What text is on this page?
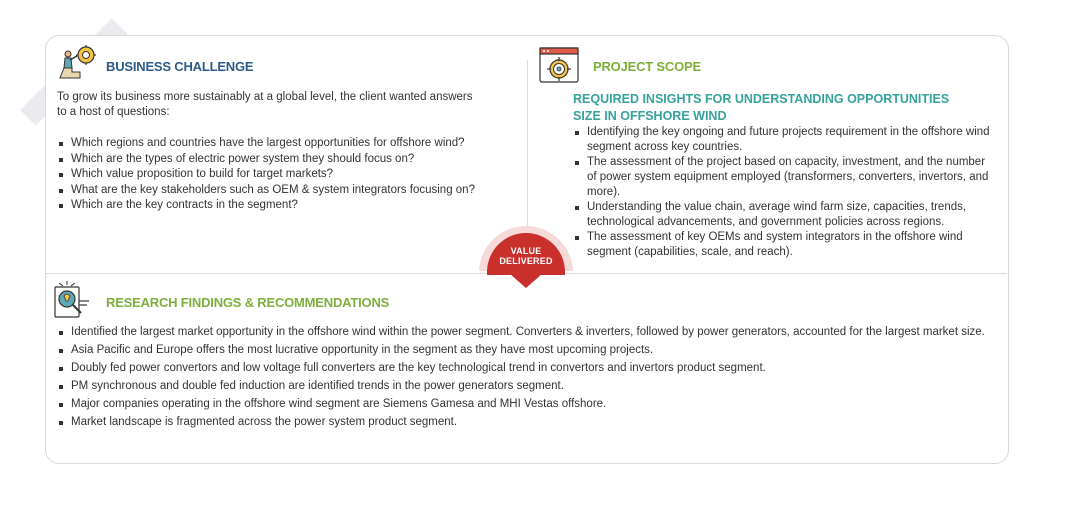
BUSINESS CHALLENGE
To grow its business more sustainably at a global level, the client wanted answers to a host of questions:
Which regions and countries have the largest opportunities for offshore wind?
Which are the types of electric power system they should focus on?
Which value proposition to build for target markets?
What are the key stakeholders such as OEM & system integrators focusing on?
Which are the key contracts in the segment?
PROJECT SCOPE
REQUIRED INSIGHTS FOR UNDERSTANDING OPPORTUNITIES SIZE IN OFFSHORE WIND
Identifying the key ongoing and future projects requirement in the offshore wind segment across key countries.
The assessment of the project based on capacity, investment, and the number of power system equipment employed (transformers, converters, invertors, and more).
Understanding the value chain, average wind farm size, capacities, trends, technological advancements, and government policies across regions.
The assessment of key OEMs and system integrators in the offshore wind segment (capabilities, scale, and reach).
VALUE
DELIVERED
RESEARCH FINDINGS & RECOMMENDATIONS
Identified the largest market opportunity in the offshore wind within the power segment. Converters & inverters, followed by power generators, accounted for the largest market size.
Asia Pacific and Europe offers the most lucrative opportunity in the segment as they have most upcoming projects.
Doubly fed power convertors and low voltage full converters are the key technological trend in convertors and invertors product segment.
PM synchronous and double fed induction are identified trends in the power generators segment.
Major companies operating in the offshore wind segment are Siemens Gamesa and MHI Vestas offshore.
Market landscape is fragmented across the power system product segment.
